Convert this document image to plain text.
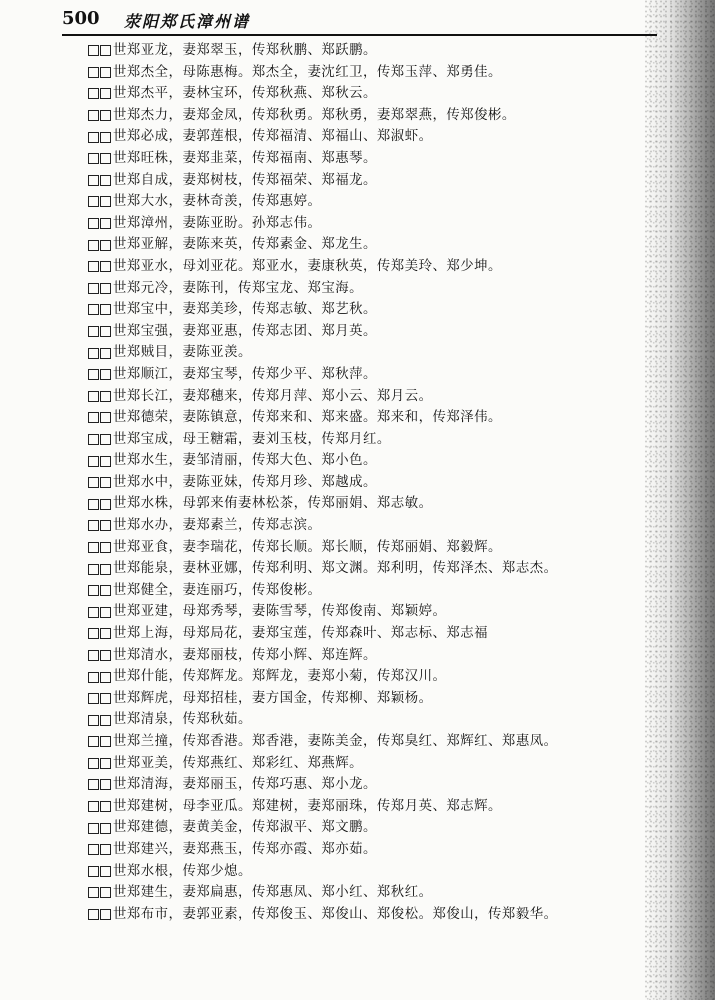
500 荥阳郑氏漳州谱
世 郑亚龙，妻郑翠玉，传郑秋鹏、郑跃鹏。
世 郑杰全，母陈惠梅。郑杰全，妻沈红卫，传郑玉萍、郑勇佳。
世 郑杰平，妻林宝环，传郑秋燕、郑秋云。
世 郑杰力，妻郑金凤，传郑秋勇。郑秋勇，妻郑翠燕，传郑俊彬。
世 郑必成，妻郭莲根，传郑福清、郑福山、郑淑虾。
世 郑旺株，妻郑韭菜，传郑福南、郑惠琴。
世 郑自成，妻郑树枝，传郑福荣、郑福龙。
世 郑大水，妻林奇羡，传郑惠婷。
世 郑漳州，妻陈亚盼。孙郑志伟。
世 郑亚解，妻陈来英，传郑素金、郑龙生。
世 郑亚水，母刘亚花。郑亚水，妻康秋英，传郑美玲、郑少坤。
世 郑元冷，妻陈刊，传郑宝龙、郑宝海。
世 郑宝中，妻郑美珍，传郑志敏、郑艺秋。
世 郑宝强，妻郑亚惠，传郑志团、郑月英。
世 郑贼目，妻陈亚羡。
世 郑顺江，妻郑宝琴，传郑少平、郑秋萍。
世 郑长江，妻郑穗来，传郑月萍、郑小云、郑月云。
世 郑德荣，妻陈镇意，传郑来和、郑来盛。郑来和，传郑泽伟。
世 郑宝成，母王糖霜，妻刘玉枝，传郑月红。
世 郑水生，妻邹清丽，传郑大色、郑小色。
世 郑水中，妻陈亚妹，传郑月珍、郑越成。
世 郑水株，母郭来侑妻林松茶，传郑丽娟、郑志敏。
世 郑水办，妻郑素兰，传郑志滨。
世 郑亚食，妻李瑞花，传郑长顺。郑长顺，传郑丽娟、郑毅辉。
世 郑能泉，妻林亚娜，传郑利明、郑文渊。郑利明，传郑泽杰、郑志杰。
世 郑健全，妻连丽巧，传郑俊彬。
世 郑亚建，母郑秀琴，妻陈雪琴，传郑俊南、郑颖婷。
世 郑上海，母郑局花，妻郑宝莲，传郑森叶、郑志标、郑志福
世 郑清水，妻郑丽枝，传郑小辉、郑连辉。
世 郑什能，传郑辉龙。郑辉龙，妻郑小菊，传郑汉川。
世 郑辉虎，母郑招桂，妻方国金，传郑柳、郑颖杨。
世 郑清泉，传郑秋茹。
世 郑兰撞，传郑香港。郑香港，妻陈美金，传郑臭红、郑辉红、郑惠凤。
世 郑亚美，传郑燕红、郑彩红、郑燕辉。
世 郑清海，妻郑丽玉，传郑巧惠、郑小龙。
世 郑建树，母李亚瓜。郑建树，妻郑丽珠，传郑月英、郑志辉。
世 郑建德，妻黄美金，传郑淑平、郑文鹏。
世 郑建兴，妻郑燕玉，传郑亦霞、郑亦茹。
世 郑水根，传郑少熄。
世 郑建生，妻郑扁惠，传郑惠凤、郑小红、郑秋红。
世 郑布市，妻郭亚素，传郑俊玉、郑俊山、郑俊松。郑俊山，传郑毅华。
